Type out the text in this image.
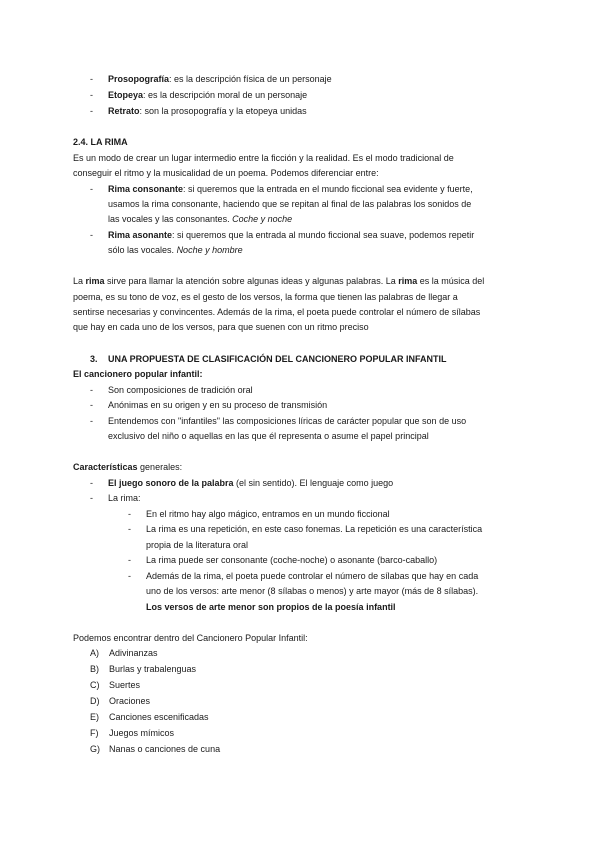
- Prosopografía: es la descripción física de un personaje
- Etopeya: es la descripción moral de un personaje
- Retrato: son la prosopografía y la etopeya unidas
2.4. LA RIMA
Es un modo de crear un lugar intermedio entre la ficción y la realidad. Es el modo tradicional de
conseguir el ritmo y la musicalidad de un poema. Podemos diferenciar entre:
- Rima consonante: si queremos que la entrada en el mundo ficcional sea evidente y fuerte,
usamos la rima consonante, haciendo que se repitan al final de las palabras los sonidos de
las vocales y las consonantes. Coche y noche
- Rima asonante: si queremos que la entrada al mundo ficcional sea suave, podemos repetir
sólo las vocales. Noche y hombre
La rima sirve para llamar la atención sobre algunas ideas y algunas palabras. La rima es la música del
poema, es su tono de voz, es el gesto de los versos, la forma que tienen las palabras de llegar a
sentirse necesarias y convincentes. Además de la rima, el poeta puede controlar el número de sílabas
que hay en cada uno de los versos, para que suenen con un ritmo preciso
3. UNA PROPUESTA DE CLASIFICACIÓN DEL CANCIONERO POPULAR INFANTIL
El cancionero popular infantil:
- Son composiciones de tradición oral
- Anónimas en su origen y en su proceso de transmisión
- Entendemos con "infantiles" las composiciones líricas de carácter popular que son de uso
exclusivo del niño o aquellas en las que él representa o asume el papel principal
Características generales:
- El juego sonoro de la palabra (el sin sentido). El lenguaje como juego
- La rima:
- En el ritmo hay algo mágico, entramos en un mundo ficcional
- La rima es una repetición, en este caso fonemas. La repetición es una característica
propia de la literatura oral
- La rima puede ser consonante (coche-noche) o asonante (barco-caballo)
- Además de la rima, el poeta puede controlar el número de sílabas que hay en cada
uno de los versos: arte menor (8 sílabas o menos) y arte mayor (más de 8 sílabas).
Los versos de arte menor son propios de la poesía infantil
Podemos encontrar dentro del Cancionero Popular Infantil:
A) Adivinanzas
B) Burlas y trabalenguas
C) Suertes
D) Oraciones
E) Canciones escenificadas
F) Juegos mímicos
G) Nanas o canciones de cuna
